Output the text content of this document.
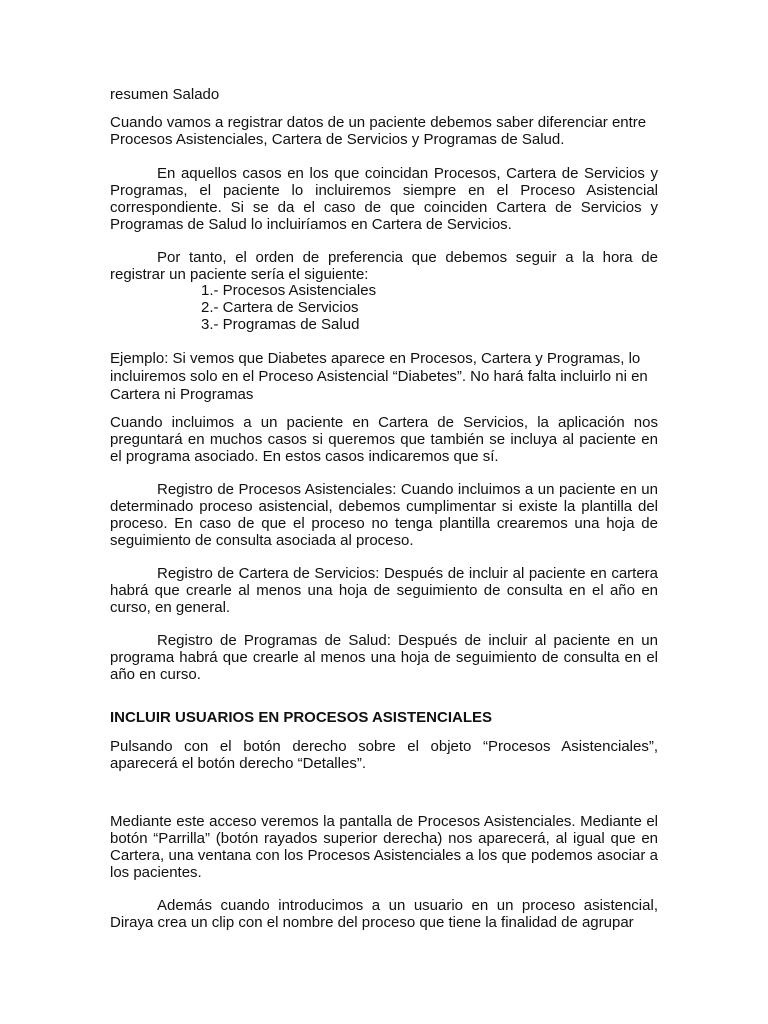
resumen Salado

Cuando vamos a registrar datos de un paciente debemos saber diferenciar entre Procesos Asistenciales, Cartera de Servicios y Programas de Salud.

En aquellos casos en los que coincidan Procesos, Cartera de Servicios y Programas, el paciente lo incluiremos siempre en el Proceso Asistencial correspondiente. Si se da el caso de que coinciden Cartera de Servicios y Programas de Salud lo incluiríamos en Cartera de Servicios.

Por tanto, el orden de preferencia que debemos seguir a la hora de registrar un paciente sería el siguiente:

1.- Procesos Asistenciales

2.- Cartera de Servicios

3.- Programas de Salud

Ejemplo: Si vemos que Diabetes aparece en Procesos, Cartera y Programas, lo incluiremos solo en el Proceso Asistencial “Diabetes”. No hará falta incluirlo ni en Cartera ni Programas

Cuando incluimos a un paciente en Cartera de Servicios, la aplicación nos preguntará en muchos casos si queremos que también se incluya al paciente en el programa asociado. En estos casos indicaremos que sí.

Registro de Procesos Asistenciales: Cuando incluimos a un paciente en un determinado proceso asistencial, debemos cumplimentar si existe la plantilla del proceso. En caso de que el proceso no tenga plantilla crearemos una hoja de seguimiento de consulta asociada al proceso.

Registro de Cartera de Servicios: Después de incluir al paciente en cartera habrá que crearle al menos una hoja de seguimiento de consulta en el año en curso, en general.

Registro de Programas de Salud: Después de incluir al paciente en un programa habrá que crearle al menos una hoja de seguimiento de consulta en el año en curso.

INCLUIR USUARIOS EN PROCESOS ASISTENCIALES

Pulsando con el botón derecho sobre el objeto “Procesos Asistenciales”, aparecerá el botón derecho “Detalles”.

Mediante este acceso veremos la pantalla de Procesos Asistenciales. Mediante el botón “Parrilla” (botón rayados superior derecha) nos aparecerá, al igual que en Cartera, una ventana con los Procesos Asistenciales a los que podemos asociar a los pacientes.

Además cuando introducimos a un usuario en un proceso asistencial, Diraya crea un clip con el nombre del proceso que tiene la finalidad de agrupar
